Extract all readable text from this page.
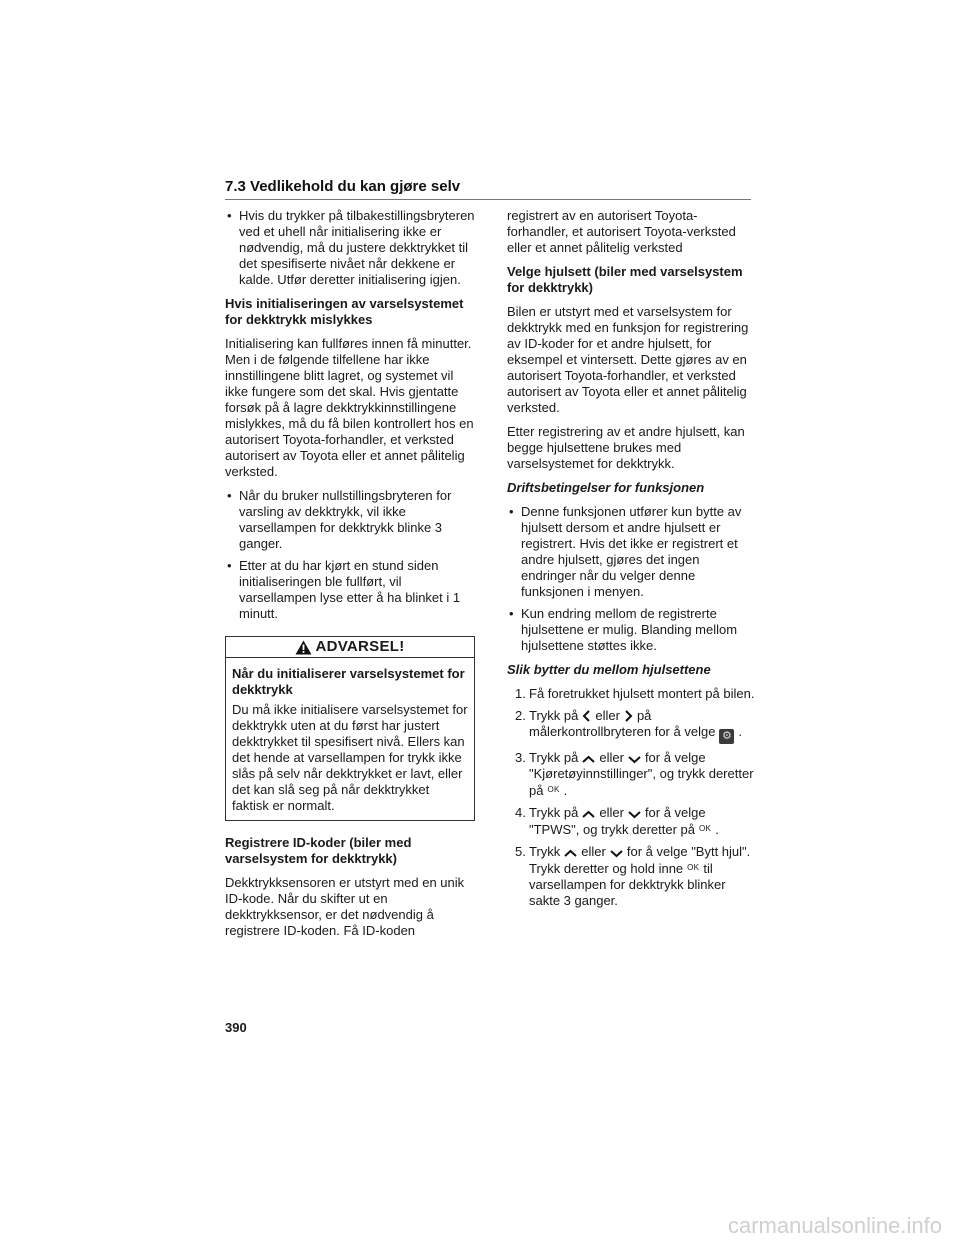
7.3 Vedlikehold du kan gjøre selv
• Hvis du trykker på tilbakestillingsbryteren ved et uhell når initialisering ikke er nødvendig, må du justere dekktrykket til det spesifiserte nivået når dekkene er kalde. Utfør deretter initialisering igjen.
Hvis initialiseringen av varselsystemet for dekktrykk mislykkes

Initialisering kan fullføres innen få minutter. Men i de følgende tilfellene har ikke innstillingene blitt lagret, og systemet vil ikke fungere som det skal. Hvis gjentatte forsøk på å lagre dekktrykkinnstillingene mislykkes, må du få bilen kontrollert hos en autorisert Toyota-forhandler, et verksted autorisert av Toyota eller et annet pålitelig verksted.

• Når du bruker nullstillingsbryteren for varsling av dekktrykk, vil ikke varsellampen for dekktrykk blinke 3 ganger.
• Etter at du har kjørt en stund siden initialiseringen ble fullført, vil varsellampen lyse etter å ha blinket i 1 minutt.
ADVARSEL!
Når du initialiserer varselsystemet for dekktrykk

Du må ikke initialisere varselsystemet for dekktrykk uten at du først har justert dekktrykket til spesifisert nivå. Ellers kan det hende at varsellampen for trykk ikke slås på selv når dekktrykket er lavt, eller det kan slå seg på når dekktrykket faktisk er normalt.

Registrere ID-koder (biler med varselsystem for dekktrykk)

Dekktrykksensoren er utstyrt med en unik ID-kode. Når du skifter ut en dekktrykksensor, er det nødvendig å registrere ID-koden. Få ID-koden

registrert av en autorisert Toyota-forhandler, et autorisert Toyota-verksted eller et annet pålitelig verksted

Velge hjulsett (biler med varselsystem for dekktrykk)

Bilen er utstyrt med et varselsystem for dekktrykk med en funksjon for registrering av ID-koder for et andre hjulsett, for eksempel et vintersett. Dette gjøres av en autorisert Toyota-forhandler, et verksted autorisert av Toyota eller et annet pålitelig verksted.

Etter registrering av et andre hjulsett, kan begge hjulsettene brukes med varselsystemet for dekktrykk.

Driftsbetingelser for funksjonen
• Denne funksjonen utfører kun bytte av hjulsett dersom et andre hjulsett er registrert. Hvis det ikke er registrert et andre hjulsett, gjøres det ingen endringer når du velger denne funksjonen i menyen.
• Kun endring mellom de registrerte hjulsettene er mulig. Blanding mellom hjulsettene støttes ikke.
Slik bytter du mellom hjulsettene
1. Få foretrukket hjulsett montert på bilen.
2. Trykk på eller på målerkontrollbryteren for å velge ⚙ .
3. Trykk på eller for å velge "Kjøretøyinnstillinger", og trykk deretter på $^{OK}$ .
4. Trykk på eller for å velge "TPWS", og trykk deretter på $^{OK}$ .
5. Trykk eller for å velge "Bytt hjul". Trykk deretter og hold inne $^{OK}$ til varsellampen for dekktrykk blinker sakte 3 ganger.
390
carmanualsonline.info
